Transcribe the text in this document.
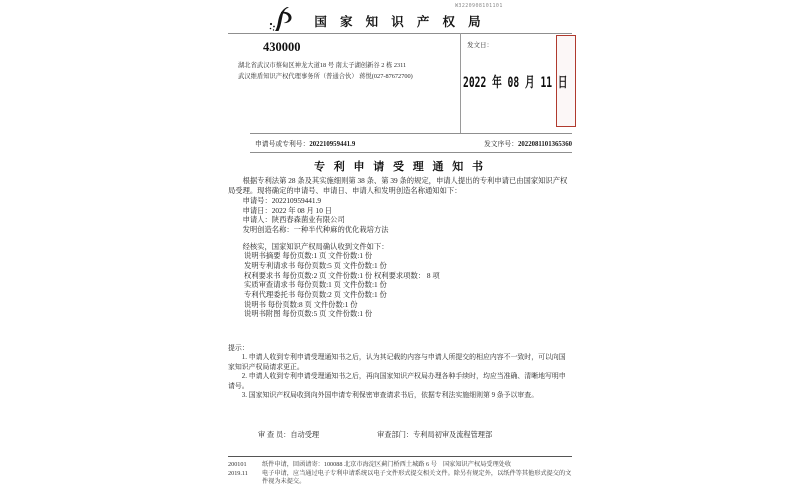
W3220908101101
国 家 知 识 产 权 局
430000
湖北省武汉市蔡甸区神龙大道18 号 南太子湖创新谷 2 栋 2311
武汉维盾知识产权代理事务所（普通合伙） 蒋悦(027-87672700)
发文日：
2022 年 08 月 11 日
申请号或专利号：202210959441.9	发文序号：2022081101365360
专 利 申 请 受 理 通 知 书

根据专利法第 28 条及其实施细则第 38 条、第 39 条的规定，申请人提出的专利申请已由国家知识产权局受理。现将确定的申请号、申请日、申请人和发明创造名称通知如下：

申请号：202210959441.9
申请日：2022 年 08 月 10 日
申请人：陕西春森菌业有限公司
发明创造名称：一种半代种麻的优化栽培方法
经核实，国家知识产权局确认收到文件如下：
说明书摘要 每份页数:1 页 文件份数:1 份
发明专利请求书 每份页数:5 页 文件份数:1 份
权利要求书 每份页数:2 页 文件份数:1 份 权利要求项数： 8 项
实质审查请求书 每份页数:1 页 文件份数:1 份
专利代理委托书 每份页数:2 页 文件份数:1 份
说明书 每份页数:8 页 文件份数:1 份
说明书附图 每份页数:5 页 文件份数:1 份
提示：
1. 申请人收到专利申请受理通知书之后，认为其记载的内容与申请人所提交的相应内容不一致时，可以向国家知识产权局请求更正。
2. 申请人收到专利申请受理通知书之后，再向国家知识产权局办理各种手续时，均应当准确、清晰地写明申请号。
3. 国家知识产权局收到向外国申请专利保密审查请求书后，依据专利法实施细则第 9 条予以审查。
审 查 员：自动受理	审查部门：专利局初审及流程管理部
200101
2019.11
纸件申请，回函请寄：100088 北京市海淀区蓟门桥西土城路 6 号　国家知识产权局受理处收
电子申请，应当通过电子专利申请系统以电子文件形式提交相关文件。除另有规定外，以纸件等其他形式提交的文件视为未提交。
